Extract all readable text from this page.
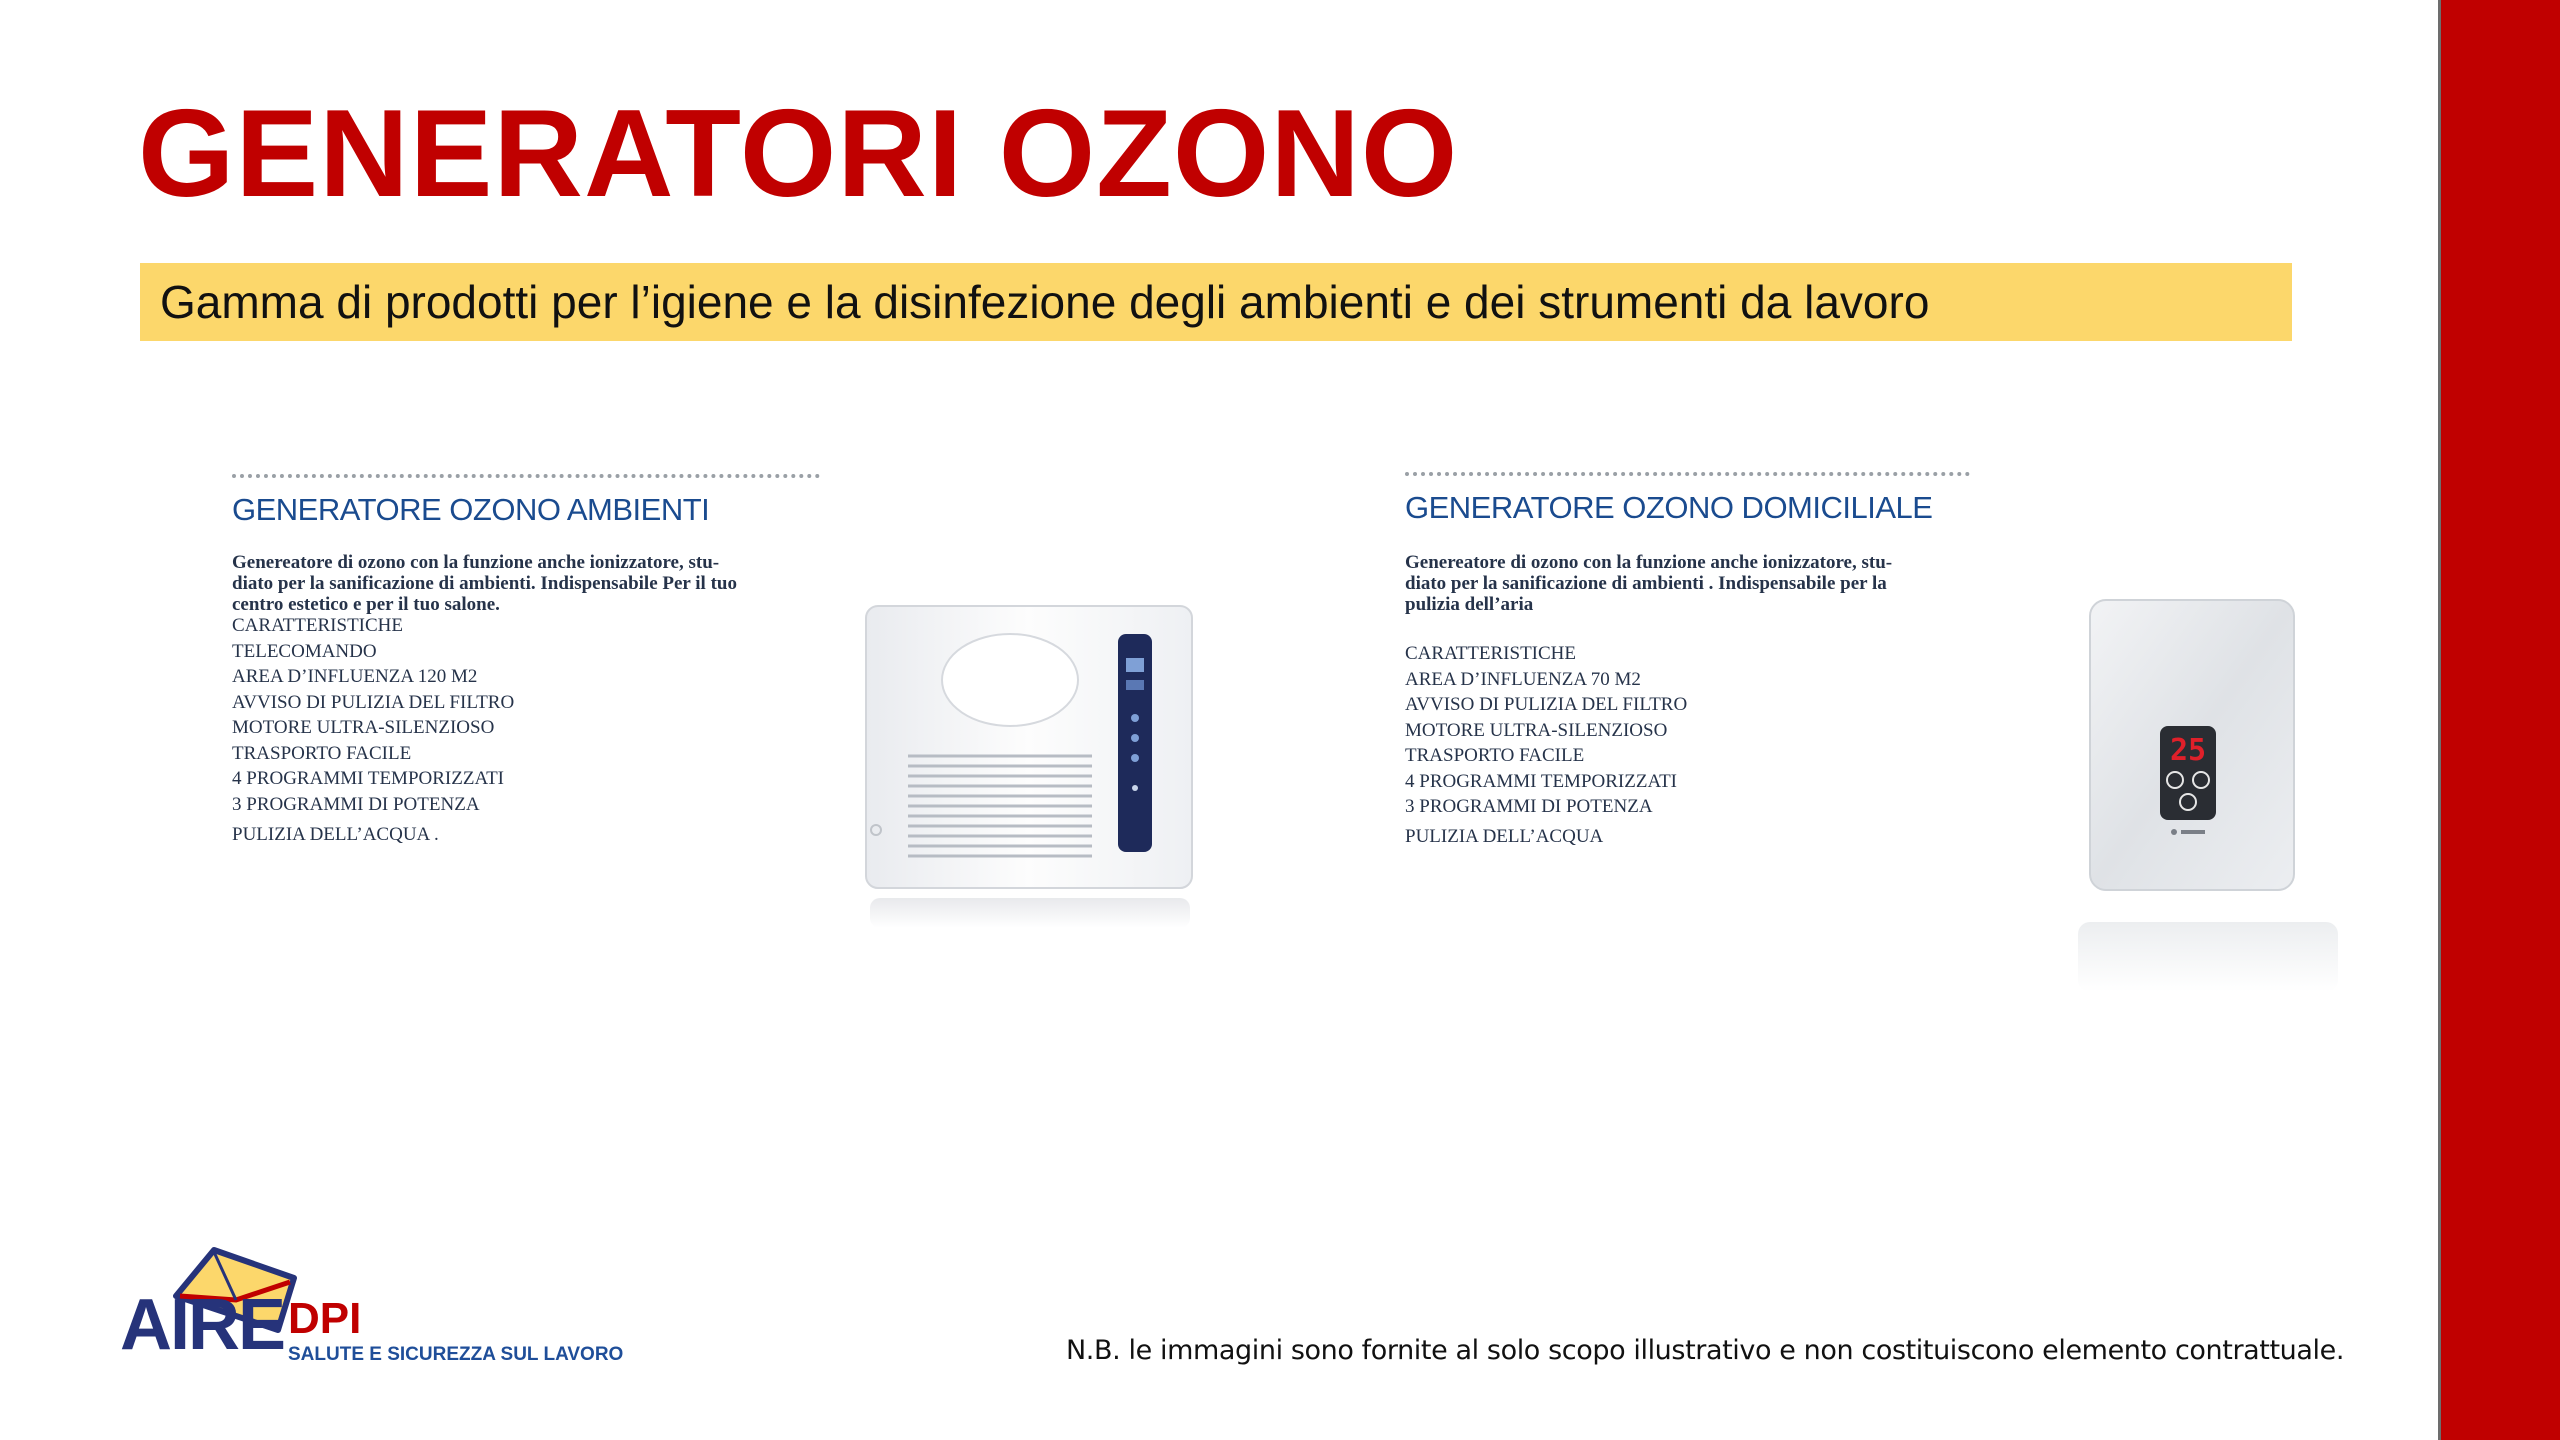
GENERATORI OZONO
Gamma di prodotti per l’igiene e la disinfezione degli ambienti e dei strumenti da lavoro
GENERATORE OZONO AMBIENTI
Genereatore di ozono con la funzione anche ionizzatore, stu-
diato per la sanificazione di ambienti. Indispensabile Per il tuo
centro estetico e per il tuo salone.
CARATTERISTICHE
TELECOMANDO
AREA D’INFLUENZA 120 M2
AVVISO DI PULIZIA DEL FILTRO
MOTORE ULTRA-SILENZIOSO
TRASPORTO FACILE
4 PROGRAMMI TEMPORIZZATI
3 PROGRAMMI DI POTENZA
PULIZIA DELL’ACQUA .
GENERATORE OZONO DOMICILIALE
Genereatore di ozono con la funzione anche ionizzatore, stu-
diato per la sanificazione di ambienti . Indispensabile per la
pulizia dell’aria
CARATTERISTICHE
AREA D’INFLUENZA 70 M2
AVVISO DI PULIZIA DEL FILTRO
MOTORE ULTRA-SILENZIOSO
TRASPORTO FACILE
4 PROGRAMMI TEMPORIZZATI
3 PROGRAMMI DI POTENZA
PULIZIA DELL’ACQUA
25
AIRE DPI
SALUTE E SICUREZZA SUL LAVORO	N.B. le immagini sono fornite al solo scopo illustrativo e non costituiscono elemento contrattuale.
